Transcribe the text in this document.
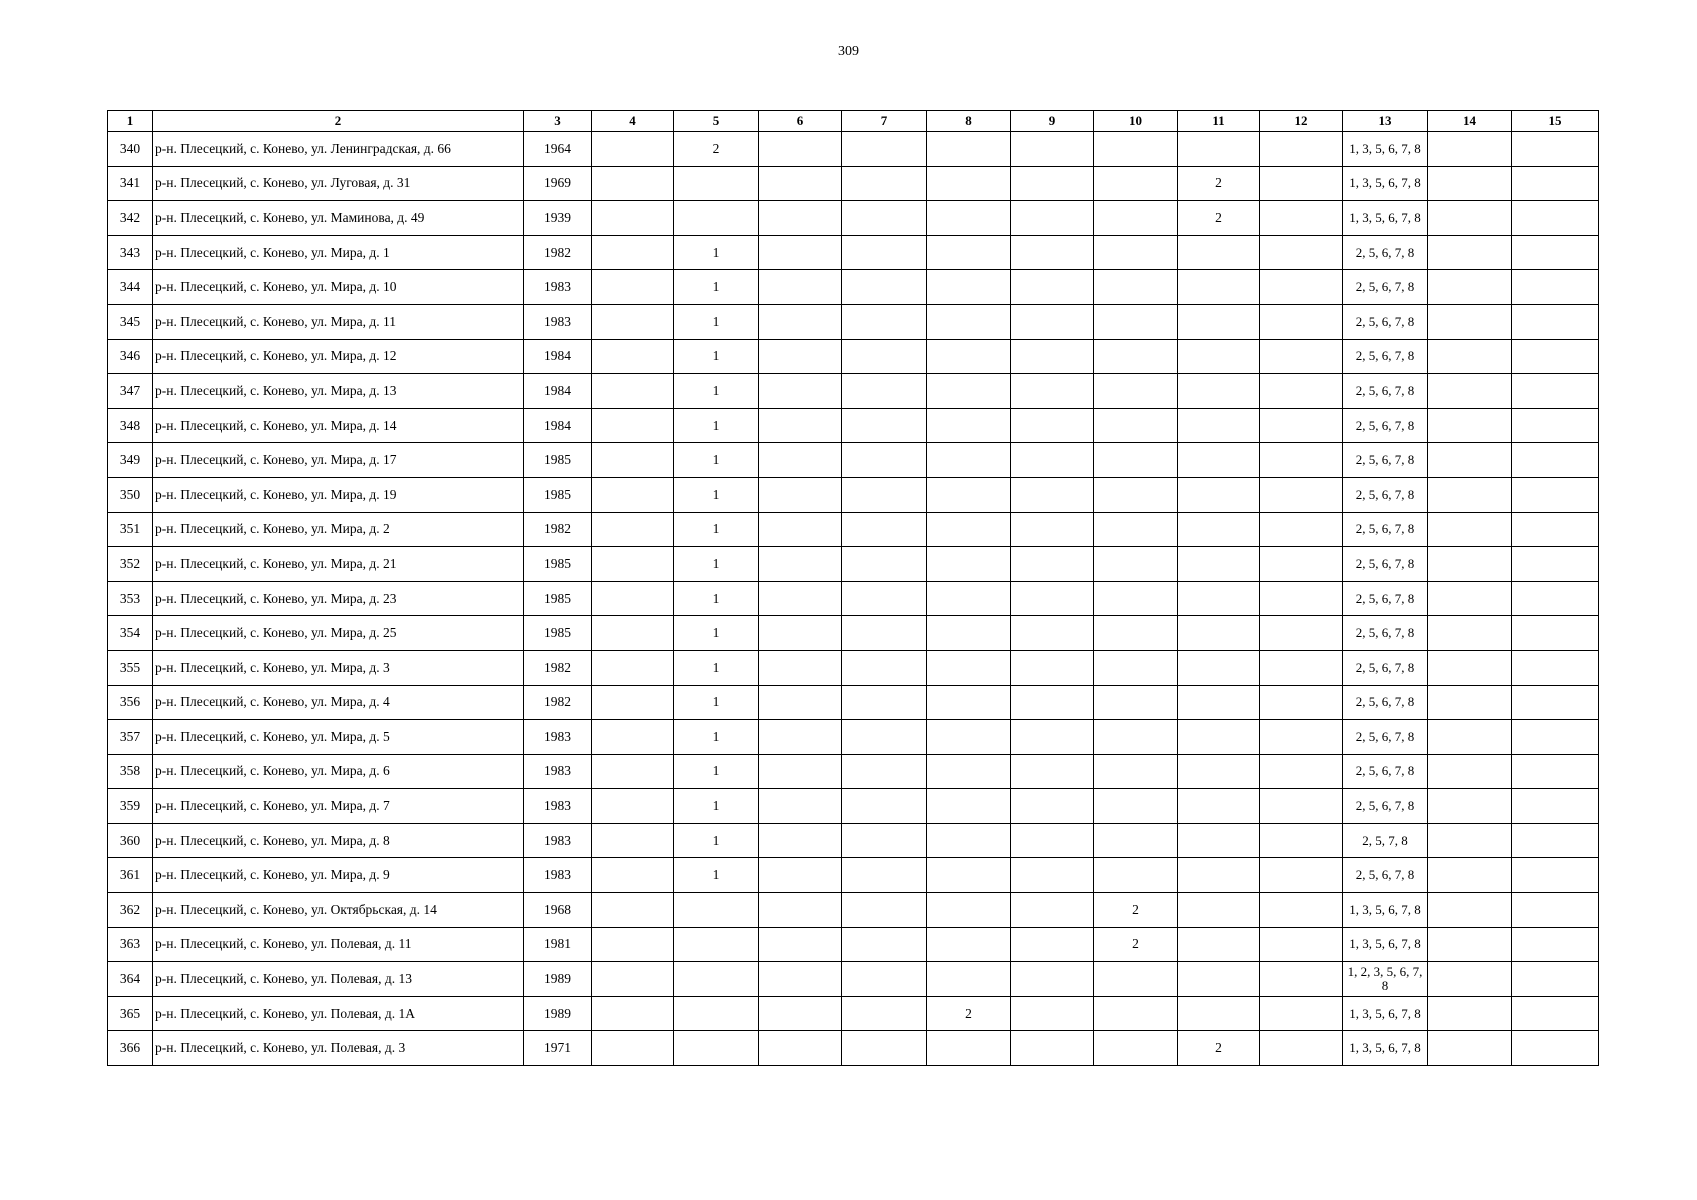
309
1	2	3	4	5	6	7	8	9	10	11	12	13	14	15
340	р-н. Плесецкий, с. Конево, ул. Ленинградская, д. 66	1964		2								1, 3, 5, 6, 7, 8		
341	р-н. Плесецкий, с. Конево, ул. Луговая, д. 31	1969								2		1, 3, 5, 6, 7, 8		
342	р-н. Плесецкий, с. Конево, ул. Маминова, д. 49	1939								2		1, 3, 5, 6, 7, 8		
343	р-н. Плесецкий, с. Конево, ул. Мира, д. 1	1982		1								2, 5, 6, 7, 8		
344	р-н. Плесецкий, с. Конево, ул. Мира, д. 10	1983		1								2, 5, 6, 7, 8		
345	р-н. Плесецкий, с. Конево, ул. Мира, д. 11	1983		1								2, 5, 6, 7, 8		
346	р-н. Плесецкий, с. Конево, ул. Мира, д. 12	1984		1								2, 5, 6, 7, 8		
347	р-н. Плесецкий, с. Конево, ул. Мира, д. 13	1984		1								2, 5, 6, 7, 8		
348	р-н. Плесецкий, с. Конево, ул. Мира, д. 14	1984		1								2, 5, 6, 7, 8		
349	р-н. Плесецкий, с. Конево, ул. Мира, д. 17	1985		1								2, 5, 6, 7, 8		
350	р-н. Плесецкий, с. Конево, ул. Мира, д. 19	1985		1								2, 5, 6, 7, 8		
351	р-н. Плесецкий, с. Конево, ул. Мира, д. 2	1982		1								2, 5, 6, 7, 8		
352	р-н. Плесецкий, с. Конево, ул. Мира, д. 21	1985		1								2, 5, 6, 7, 8		
353	р-н. Плесецкий, с. Конево, ул. Мира, д. 23	1985		1								2, 5, 6, 7, 8		
354	р-н. Плесецкий, с. Конево, ул. Мира, д. 25	1985		1								2, 5, 6, 7, 8		
355	р-н. Плесецкий, с. Конево, ул. Мира, д. 3	1982		1								2, 5, 6, 7, 8		
356	р-н. Плесецкий, с. Конево, ул. Мира, д. 4	1982		1								2, 5, 6, 7, 8		
357	р-н. Плесецкий, с. Конево, ул. Мира, д. 5	1983		1								2, 5, 6, 7, 8		
358	р-н. Плесецкий, с. Конево, ул. Мира, д. 6	1983		1								2, 5, 6, 7, 8		
359	р-н. Плесецкий, с. Конево, ул. Мира, д. 7	1983		1								2, 5, 6, 7, 8		
360	р-н. Плесецкий, с. Конево, ул. Мира, д. 8	1983		1								2, 5, 7, 8		
361	р-н. Плесецкий, с. Конево, ул. Мира, д. 9	1983		1								2, 5, 6, 7, 8		
362	р-н. Плесецкий, с. Конево, ул. Октябрьская, д. 14	1968							2			1, 3, 5, 6, 7, 8		
363	р-н. Плесецкий, с. Конево, ул. Полевая, д. 11	1981							2			1, 3, 5, 6, 7, 8		
364	р-н. Плесецкий, с. Конево, ул. Полевая, д. 13	1989										1, 2, 3, 5, 6, 7, 8		
365	р-н. Плесецкий, с. Конево, ул. Полевая, д. 1А	1989					2					1, 3, 5, 6, 7, 8		
366	р-н. Плесецкий, с. Конево, ул. Полевая, д. 3	1971								2		1, 3, 5, 6, 7, 8		
